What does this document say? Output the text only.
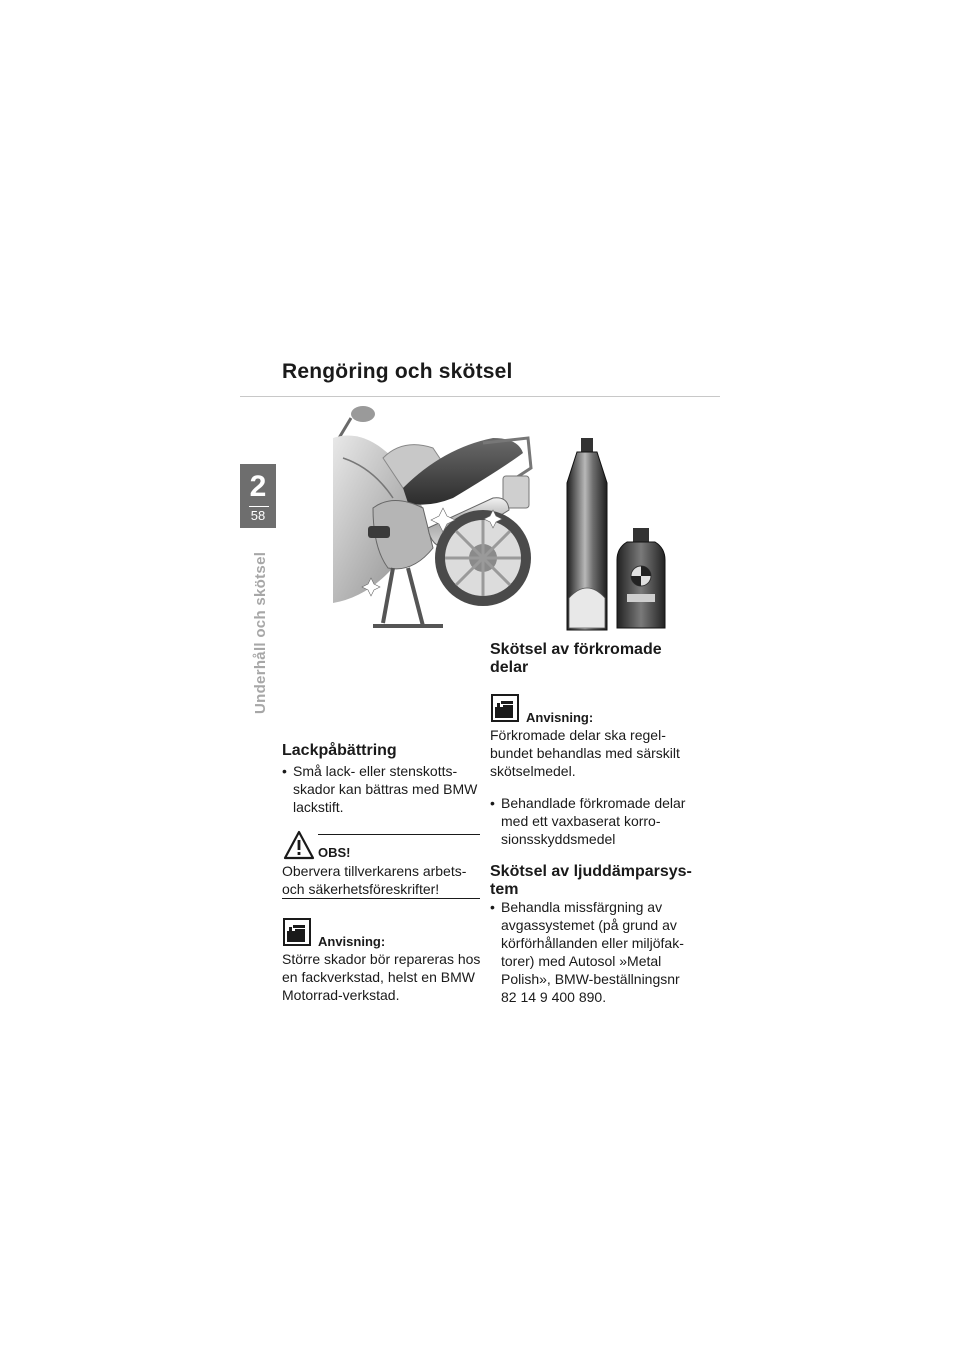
Rengöring och skötsel
2
58
Underhåll och skötsel
Lackpåbättring
• Små lack- eller stenskottsskador kan bättras med BMW lackstift.
OBS!
Obervera tillverkarens arbets- och säkerhetsföreskrifter!
Anvisning:
Större skador bör repareras hos en fackverkstad, helst en BMW Motorrad-verkstad.
Skötsel av förkromade delar
Anvisning:
Förkromade delar ska regelbundet behandlas med särskilt skötselmedel.
• Behandlade förkromade delar med ett vaxbaserat korrosionsskyddsmedel
Skötsel av ljuddämparsystem
• Behandla missfärgning av avgassystemet (på grund av körförhållanden eller miljöfaktorer) med Autosol »Metal Polish», BMW-beställningsnr 82 14 9 400 890.
